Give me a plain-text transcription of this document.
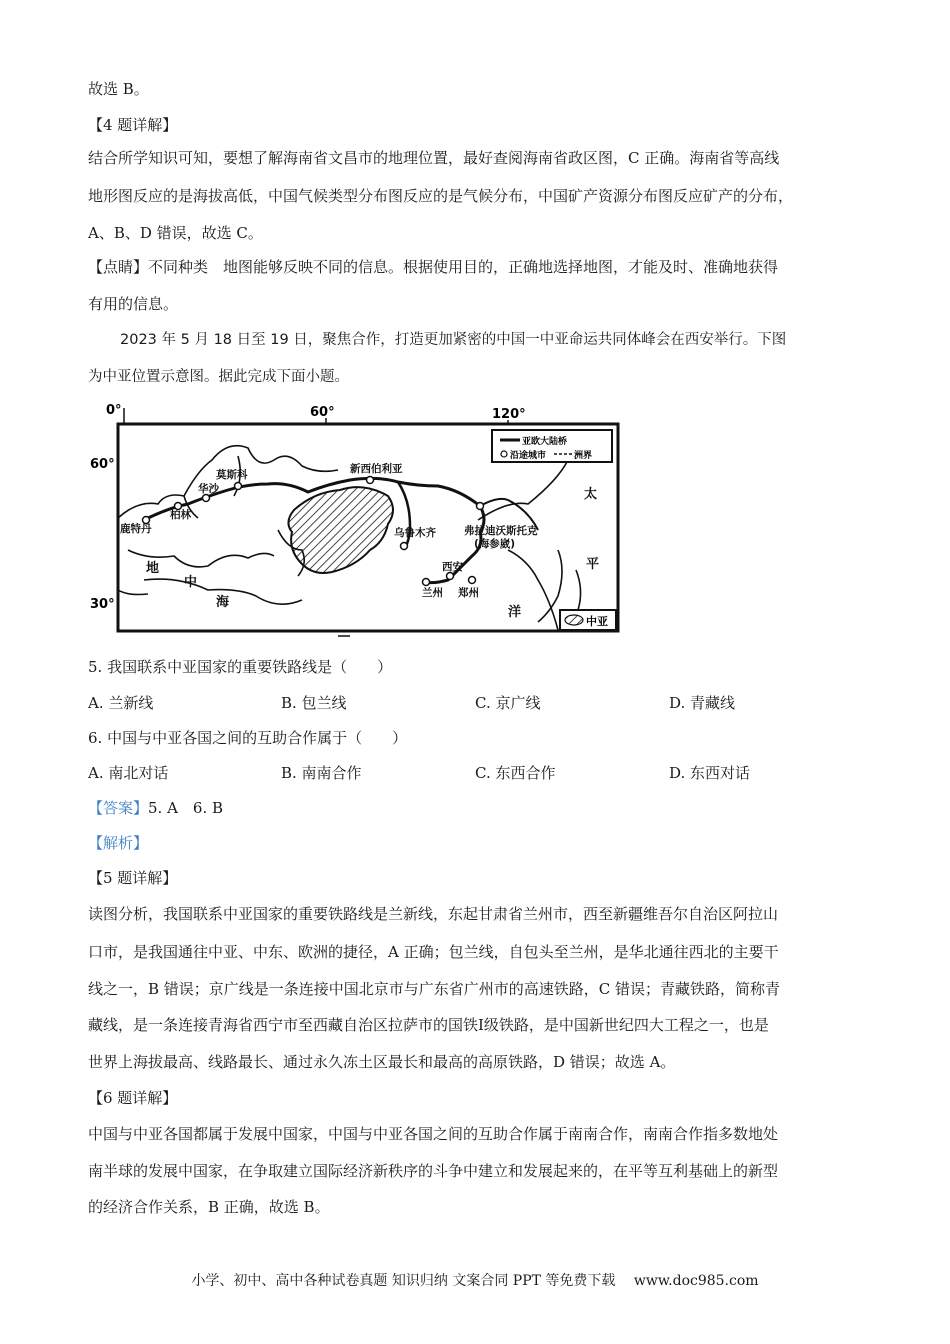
故选 B。
【4 题详解】
结合所学知识可知，要想了解海南省文昌市的地理位置，最好查阅海南省政区图，C 正确。海南省等高线
地形图反应的是海拔高低，中国气候类型分布图反应的是气候分布，中国矿产资源分布图反应矿产的分布，
A、B、D 错误，故选 C。
【点睛】不同种类　地图能够反映不同的信息。根据使用目的，正确地选择地图，才能及时、准确地获得
有用的信息。
2023 年 5 月 18 日至 19 日，聚焦合作，打造更加紧密的中国一中亚命运共同体峰会在西安举行。下图
为中亚位置示意图。据此完成下面小题。
0°	60°	120°
60°
30°
鹿特丹
柏林
华沙
莫斯科	新西伯利亚
乌鲁木齐	弗拉迪沃斯托克
(海参崴)
西安
兰州 郑州
太
平
洋
地
中
海
亚欧大陆桥
沿途城市	洲界
中亚
5. 我国联系中亚国家的重要铁路线是（　　）
A. 兰新线	B. 包兰线	C. 京广线	D. 青藏线
6. 中国与中亚各国之间的互助合作属于（　　）
A. 南北对话	B. 南南合作	C. 东西合作	D. 东西对话
【答案】5. A　6. B
【解析】
【5 题详解】
读图分析，我国联系中亚国家的重要铁路线是兰新线，东起甘肃省兰州市，西至新疆维吾尔自治区阿拉山
口市，是我国通往中亚、中东、欧洲的捷径，A 正确；包兰线，自包头至兰州，是华北通往西北的主要干
线之一，B 错误；京广线是一条连接中国北京市与广东省广州市的高速铁路，C 错误；青藏铁路，简称青
藏线，是一条连接青海省西宁市至西藏自治区拉萨市的国铁Ⅰ级铁路，是中国新世纪四大工程之一，也是
世界上海拔最高、线路最长、通过永久冻土区最长和最高的高原铁路，D 错误；故选 A。
【6 题详解】
中国与中亚各国都属于发展中国家，中国与中亚各国之间的互助合作属于南南合作，南南合作指多数地处
南半球的发展中国家，在争取建立国际经济新秩序的斗争中建立和发展起来的，在平等互利基础上的新型
的经济合作关系，B 正确，故选 B。
小学、初中、高中各种试卷真题 知识归纳 文案合同 PPT 等免费下载　 www.doc985.com
